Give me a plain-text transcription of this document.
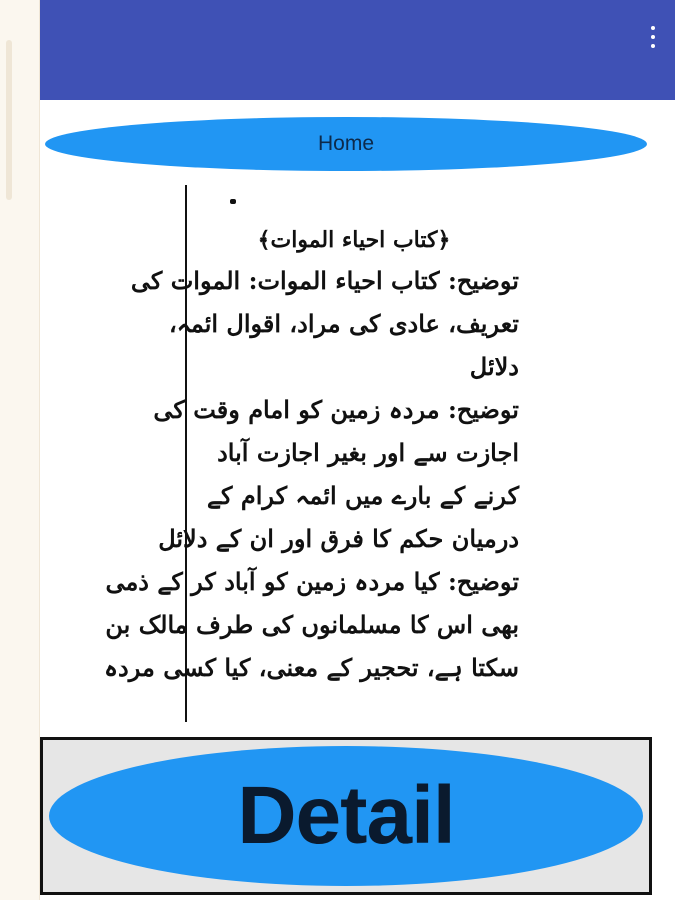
Home
﴿کتاب احیاء الموات﴾
توضیح: کتاب احیاء الموات: الموات کی
تعریف، عادی کی مراد، اقوال ائمہ،
دلائل
توضیح: مردہ زمین کو امام وقت کی
اجازت سے اور بغیر اجازت آباد
کرنے کے بارے میں ائمہ کرام کے
درمیان حکم کا فرق اور ان کے دلائل
توضیح: کیا مردہ زمین کو آباد کر کے ذمی
بھی اس کا مسلمانوں کی طرف مالک بن
سکتا ہے، تحجیر کے معنی، کیا کسی مردہ
Detail
